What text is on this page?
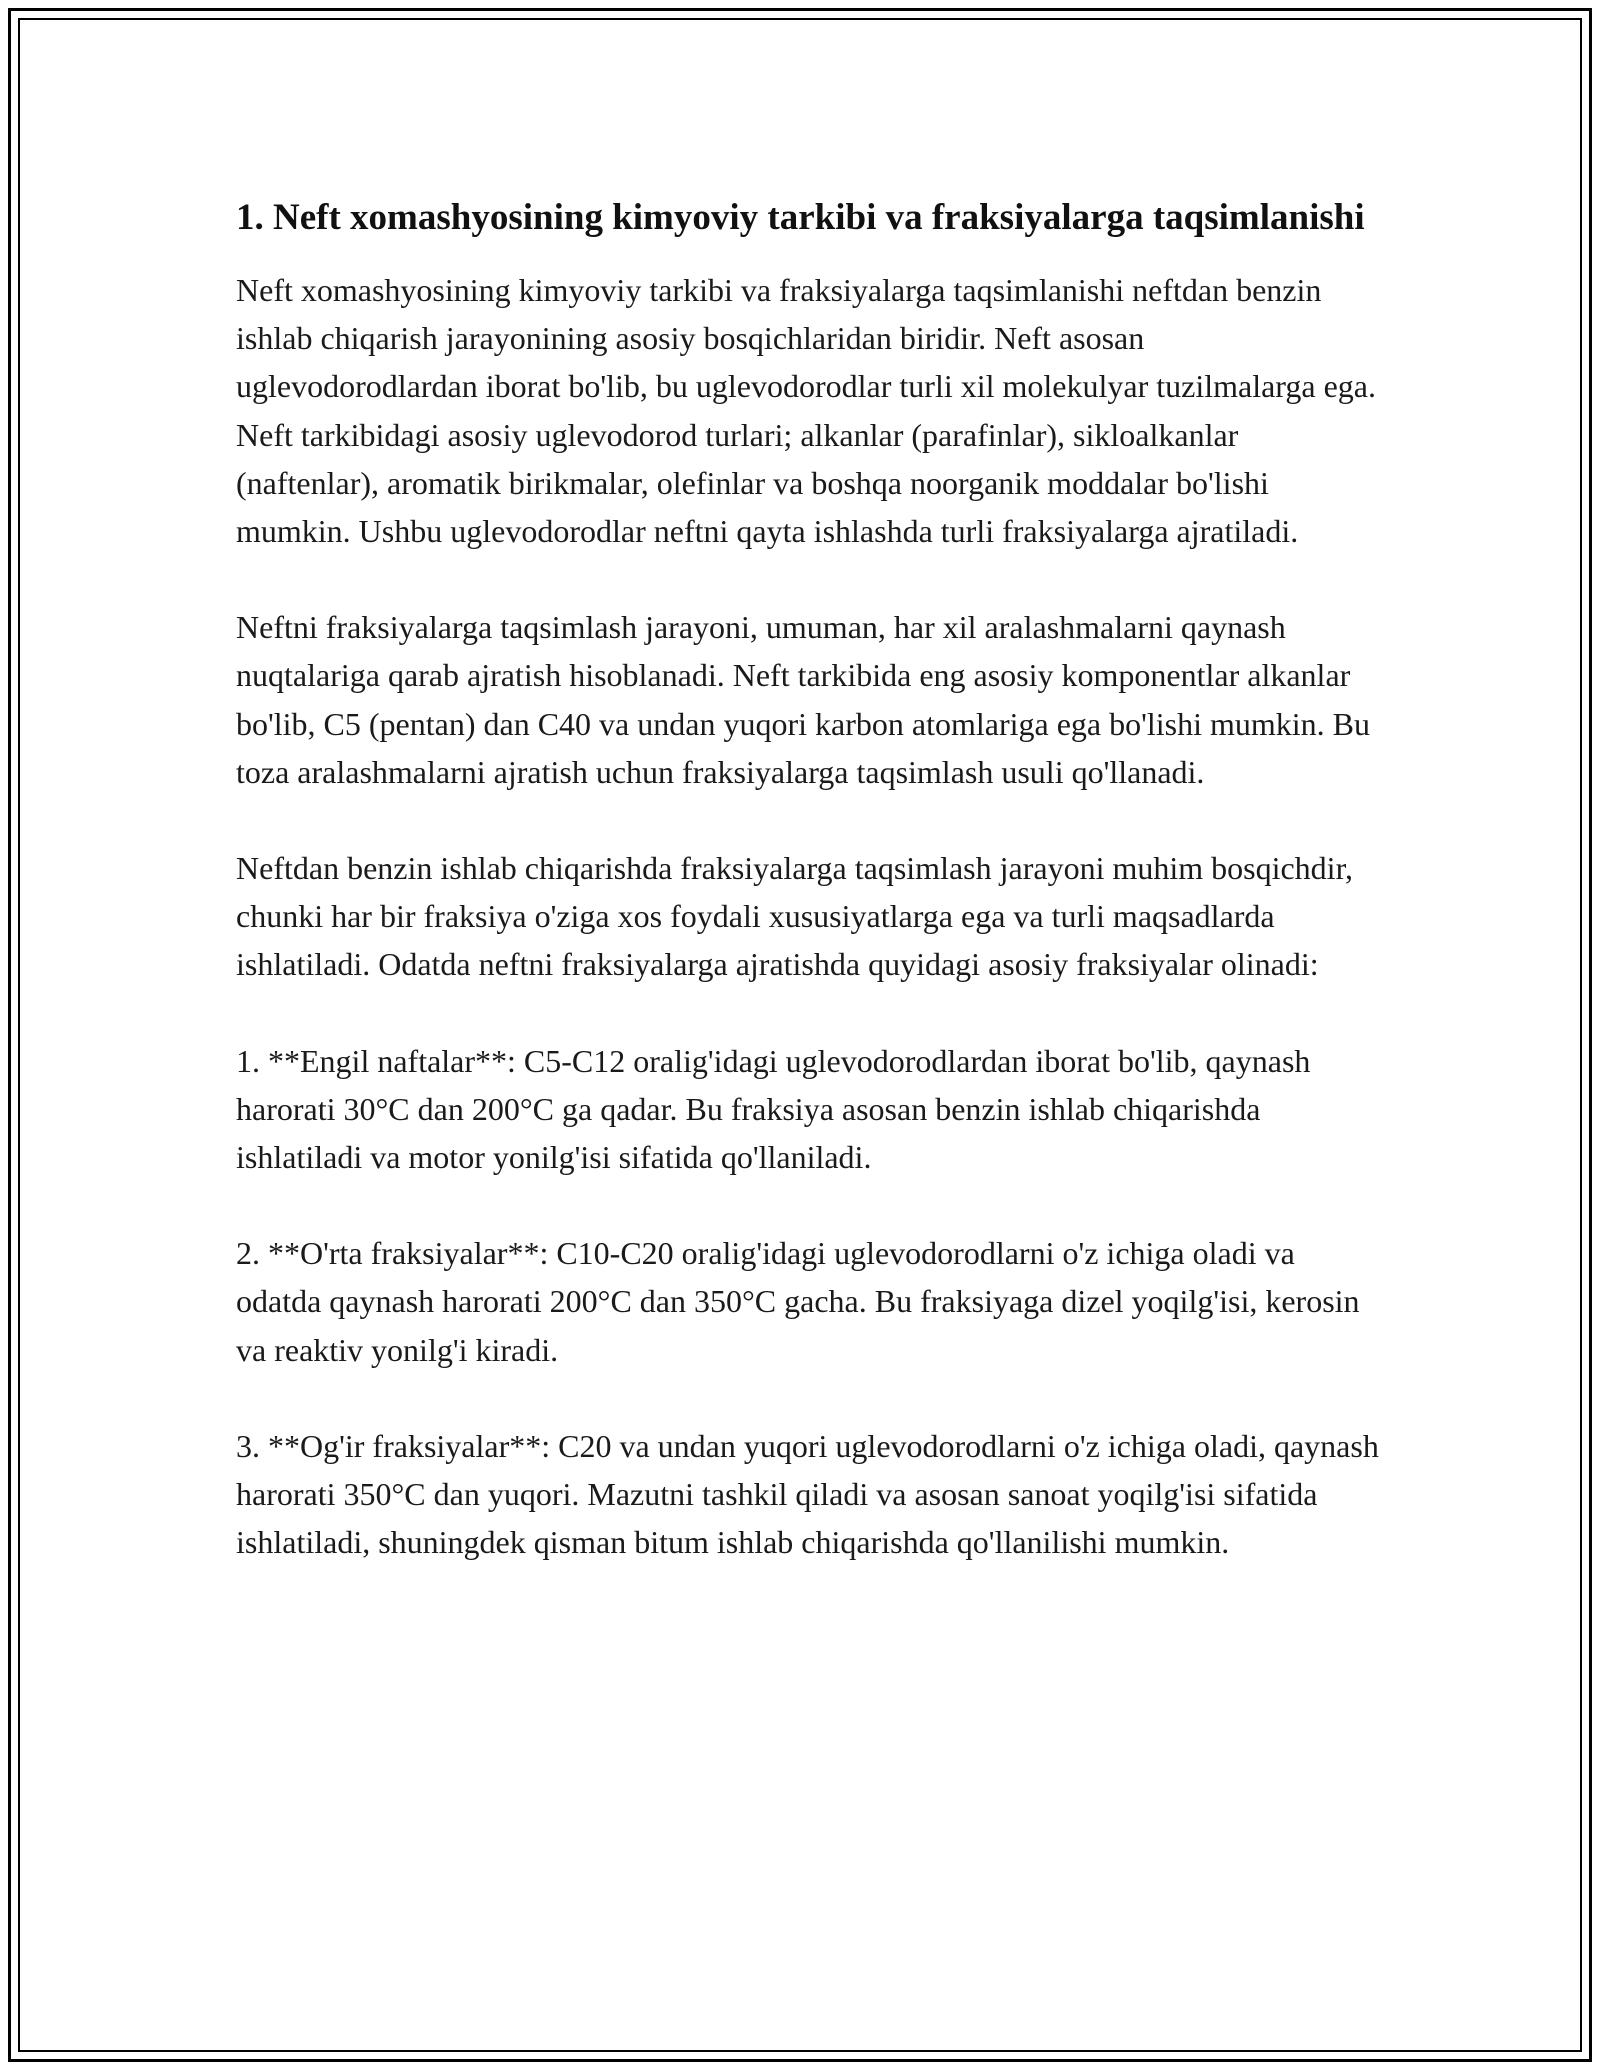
1. Neft xomashyosining kimyoviy tarkibi va fraksiyalarga taqsimlanishi

Neft xomashyosining kimyoviy tarkibi va fraksiyalarga taqsimlanishi neftdan benzin ishlab chiqarish jarayonining asosiy bosqichlaridan biridir. Neft asosan uglevodorodlardan iborat bo'lib, bu uglevodorodlar turli xil molekulyar tuzilmalarga ega. Neft tarkibidagi asosiy uglevodorod turlari; alkanlar (parafinlar), sikloalkanlar (naftenlar), aromatik birikmalar, olefinlar va boshqa noorganik moddalar bo'lishi mumkin. Ushbu uglevodorodlar neftni qayta ishlashda turli fraksiyalarga ajratiladi.

Neftni fraksiyalarga taqsimlash jarayoni, umuman, har xil aralashmalarni qaynash nuqtalariga qarab ajratish hisoblanadi. Neft tarkibida eng asosiy komponentlar alkanlar bo'lib, C5 (pentan) dan C40 va undan yuqori karbon atomlariga ega bo'lishi mumkin. Bu toza aralashmalarni ajratish uchun fraksiyalarga taqsimlash usuli qo'llanadi.

Neftdan benzin ishlab chiqarishda fraksiyalarga taqsimlash jarayoni muhim bosqichdir, chunki har bir fraksiya o'ziga xos foydali xususiyatlarga ega va turli maqsadlarda ishlatiladi. Odatda neftni fraksiyalarga ajratishda quyidagi asosiy fraksiyalar olinadi:

1. **Engil naftalar**: C5-C12 oralig'idagi uglevodorodlardan iborat bo'lib, qaynash harorati 30°C dan 200°C ga qadar. Bu fraksiya asosan benzin ishlab chiqarishda ishlatiladi va motor yonilg'isi sifatida qo'llaniladi.

2. **O'rta fraksiyalar**: C10-C20 oralig'idagi uglevodorodlarni o'z ichiga oladi va odatda qaynash harorati 200°C dan 350°C gacha. Bu fraksiyaga dizel yoqilg'isi, kerosin va reaktiv yonilg'i kiradi.

3. **Og'ir fraksiyalar**: C20 va undan yuqori uglevodorodlarni o'z ichiga oladi, qaynash harorati 350°C dan yuqori. Mazutni tashkil qiladi va asosan sanoat yoqilg'isi sifatida ishlatiladi, shuningdek qisman bitum ishlab chiqarishda qo'llanilishi mumkin.
